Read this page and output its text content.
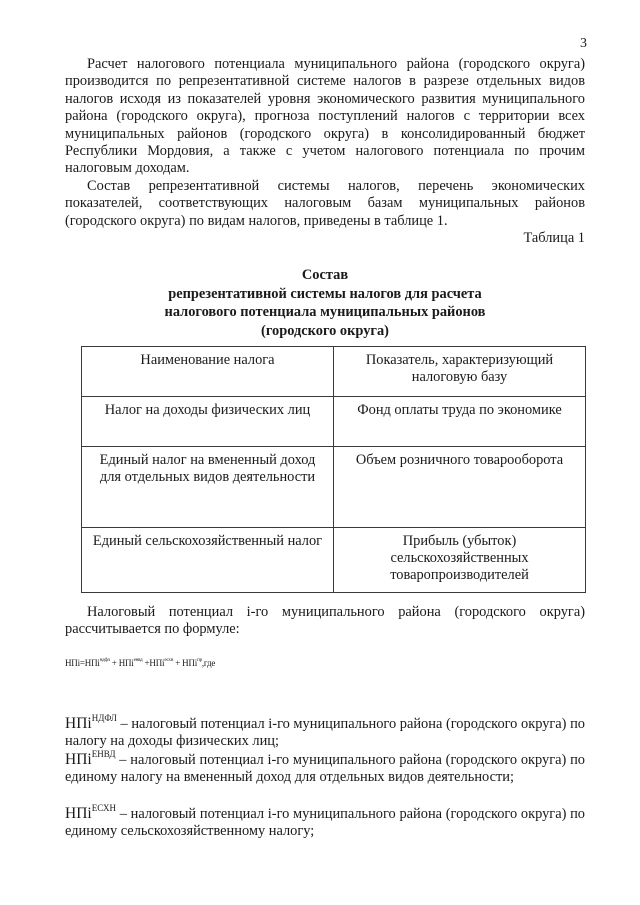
3

Расчет налогового потенциала муниципального района (городского округа) производится по репрезентативной системе налогов в разрезе отдельных видов налогов исходя из показателей уровня экономического развития муниципального района (городского округа), прогноза поступлений налогов с территории всех муниципальных районов (городского округа) в консолидированный бюджет Республики Мордовия, а также с учетом налогового потенциала по прочим налоговым доходам.

Состав репрезентативной системы налогов, перечень экономических показателей, соответствующих налоговым базам муниципальных районов (городского округа) по видам налогов, приведены в таблице 1.

Таблица 1
Состав
репрезентативной системы налогов для расчета
налогового потенциала муниципальных районов
(городского округа)
Наименование налога	Показатель, характеризующий налоговую базу
Налог на доходы физических лиц	Фонд оплаты труда по экономике
Единый налог на вмененный доход для отдельных видов деятельности	Объем розничного товарооборота
Единый сельскохозяйственный налог	Прибыль (убыток) сельскохозяйственных товаропроизводителей

Налоговый потенциал i-го муниципального района (городского округа) рассчитывается по формуле:

НПi=НПi$^{ндфл}$ + НПi$^{енвд}$ +НПi$^{есхн}$ + НПi$^{пр}$,где

НПi$^{НДФЛ}$ – налоговый потенциал i-го муниципального района (городского округа) по налогу на доходы физических лиц;

НПi$^{ЕНВД}$ – налоговый потенциал i-го муниципального района (городского округа) по единому налогу на вмененный доход для отдельных видов деятельности;

НПi$^{ЕСХН}$ – налоговый потенциал i-го муниципального района (городского округа) по единому сельскохозяйственному налогу;
